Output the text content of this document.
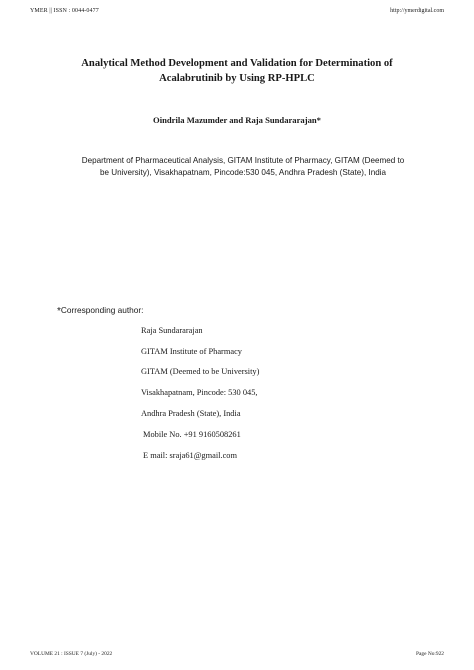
YMER || ISSN : 0044-0477	http://ymerdigital.com
Analytical Method Development and Validation for Determination of
Acalabrutinib by Using RP-HPLC
Oindrila Mazumder and Raja Sundararajan*
Department of Pharmaceutical Analysis, GITAM Institute of Pharmacy, GITAM (Deemed to
be University), Visakhapatnam, Pincode:530 045, Andhra Pradesh (State), India
*Corresponding author:
Raja Sundararajan
GITAM Institute of Pharmacy
GITAM (Deemed to be University)
Visakhapatnam, Pincode: 530 045,
Andhra Pradesh (State), India
Mobile No. +91 9160508261
E mail: sraja61@gmail.com
VOLUME 21 : ISSUE 7 (July) - 2022	Page No:922
